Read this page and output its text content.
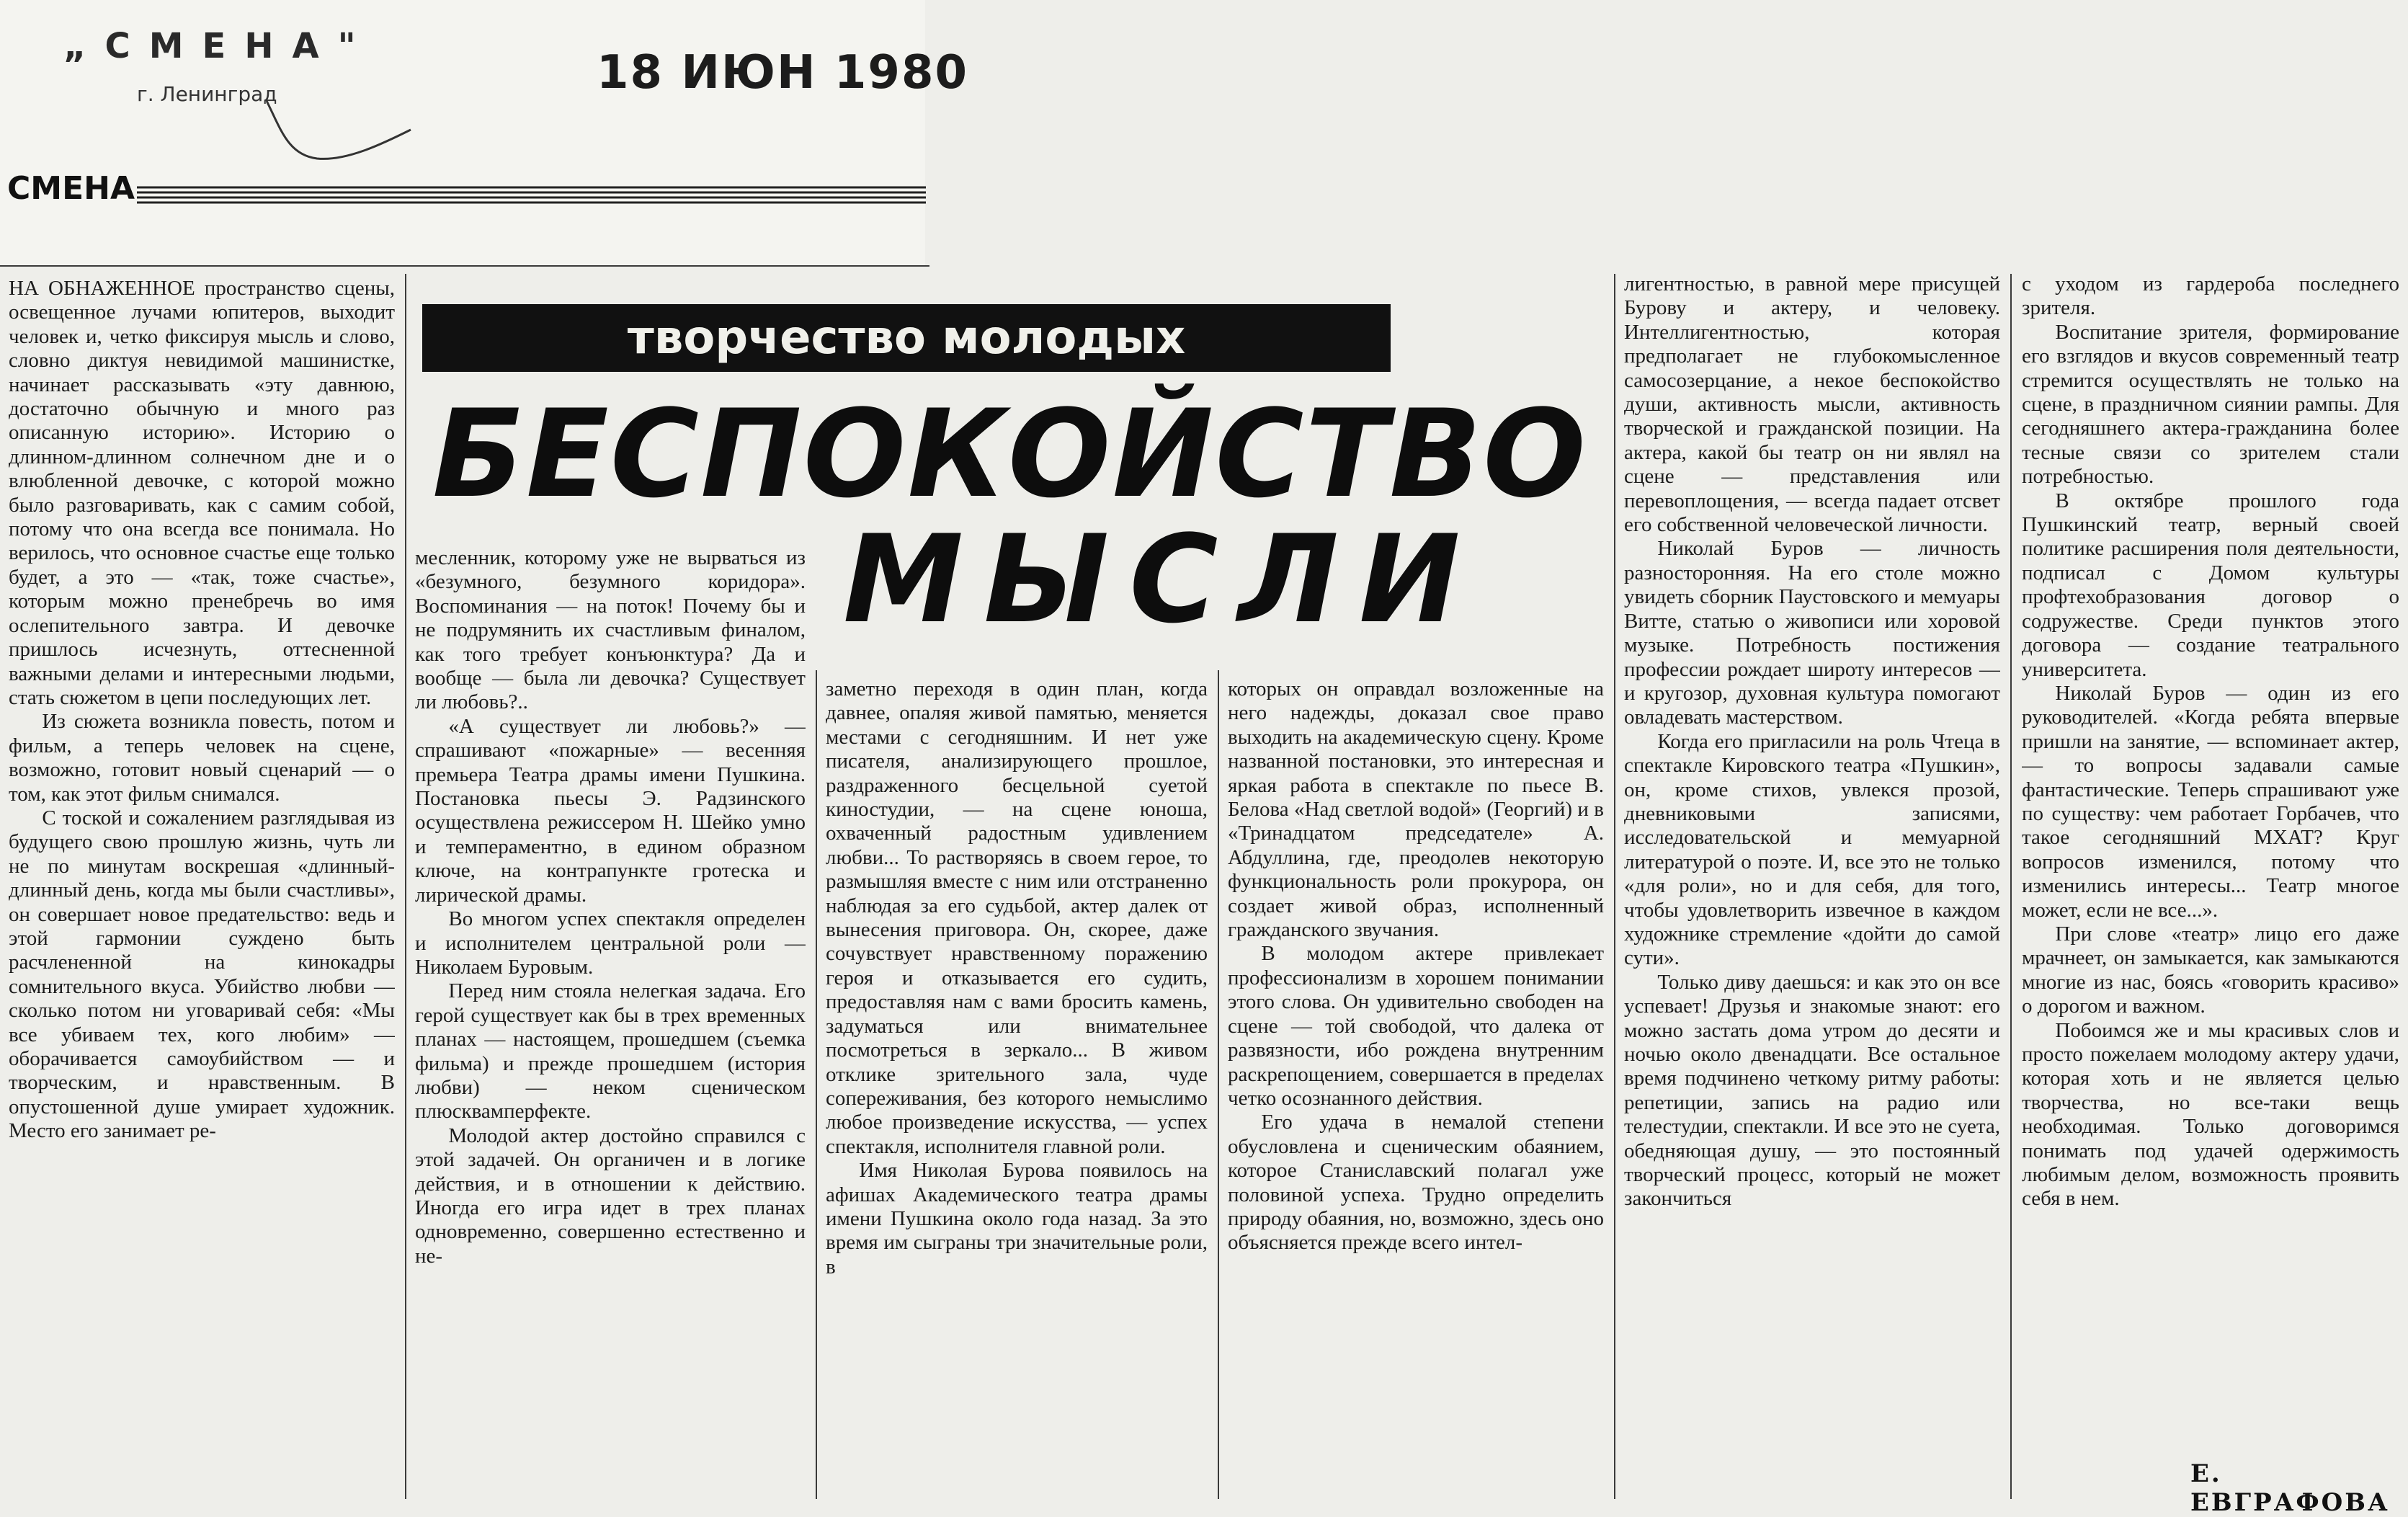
„СМЕНА"
г. Ленинград	18 ИЮН 1980
СМЕНА
творчество молодых
БЕСПОКОЙСТВО
МЫСЛИ

НА ОБНАЖЕННОЕ пространство сцены, освещенное лучами юпитеров, выходит человек и, четко фиксируя мысль и слово, словно диктуя невидимой машинистке, начинает рассказывать «эту давнюю, достаточно обычную и много раз описанную историю». Историю о длинном-длинном солнечном дне и о влюбленной девочке, с которой можно было разговаривать, как с самим собой, потому что она всегда все понимала. Но верилось, что основное счастье еще только будет, а это — «так, тоже счастье», которым можно пренебречь во имя ослепительного завтра. И девочке пришлось исчезнуть, оттесненной важными делами и интересными людьми, стать сюжетом в цепи последующих лет.

Из сюжета возникла повесть, потом и фильм, а теперь человек на сцене, возможно, готовит новый сценарий — о том, как этот фильм снимался.

С тоской и сожалением разглядывая из будущего свою прошлую жизнь, чуть ли не по минутам воскрешая «длинный-длинный день, когда мы были счастливы», он совершает новое предательство: ведь и этой гармонии суждено быть расчлененной на кинокадры сомнительного вкуса. Убийство любви — сколько потом ни уговаривай себя: «Мы все убиваем тех, кого любим» — оборачивается самоубийством — и творческим, и нравственным. В опустошенной душе умирает художник. Место его занимает ре-

месленник, которому уже не вырваться из «безумного, безумного коридора». Воспоминания — на поток! Почему бы и не подрумянить их счастливым финалом, как того требует конъюнктура? Да и вообще — была ли девочка? Существует ли любовь?..

«А существует ли любовь?» — спрашивают «пожарные» — весенняя премьера Театра драмы имени Пушкина. Постановка пьесы Э. Радзинского осуществлена режиссером Н. Шейко умно и темпераментно, в едином образном ключе, на контрапункте гротеска и лирической драмы.

Во многом успех спектакля определен и исполнителем центральной роли — Николаем Буровым.

Перед ним стояла нелегкая задача. Его герой существует как бы в трех временных планах — настоящем, прошедшем (съемка фильма) и прежде прошедшем (история любви) — неком сценическом плюсквамперфекте.

Молодой актер достойно справился с этой задачей. Он органичен и в логике действия, и в отношении к действию. Иногда его игра идет в трех планах одновременно, совершенно естественно и не-

заметно переходя в один план, когда давнее, опаляя живой памятью, меняется местами с сегодняшним. И нет уже писателя, анализирующего прошлое, раздраженного бесцельной суетой киностудии, — на сцене юноша, охваченный радостным удивлением любви... То растворяясь в своем герое, то размышляя вместе с ним или отстраненно наблюдая за его судьбой, актер далек от вынесения приговора. Он, скорее, даже сочувствует нравственному поражению героя и отказывается его судить, предоставляя нам с вами бросить камень, задуматься или внимательнее посмотреться в зеркало... В живом отклике зрительного зала, чуде сопереживания, без которого немыслимо любое произведение искусства, — успех спектакля, исполнителя главной роли.

Имя Николая Бурова появилось на афишах Академического театра драмы имени Пушкина около года назад. За это время им сыграны три значительные роли, в

которых он оправдал возложенные на него надежды, доказал свое право выходить на академическую сцену. Кроме названной постановки, это интересная и яркая работа в спектакле по пьесе В. Белова «Над светлой водой» (Георгий) и в «Тринадцатом председателе» А. Абдуллина, где, преодолев некоторую функциональность роли прокурора, он создает живой образ, исполненный гражданского звучания.

В молодом актере привлекает профессионализм в хорошем понимании этого слова. Он удивительно свободен на сцене — той свободой, что далека от развязности, ибо рождена внутренним раскрепощением, совершается в пределах четко осознанного действия.

Его удача в немалой степени обусловлена и сценическим обаянием, которое Станиславский полагал уже половиной успеха. Трудно определить природу обаяния, но, возможно, здесь оно объясняется прежде всего интел-

лигентностью, в равной мере присущей Бурову и актеру, и человеку. Интеллигентностью, которая предполагает не глубокомысленное самосозерцание, а некое беспокойство души, активность мысли, активность творческой и гражданской позиции. На актера, какой бы театр он ни являл на сцене — представления или перевоплощения, — всегда падает отсвет его собственной человеческой личности.

Николай Буров — личность разносторонняя. На его столе можно увидеть сборник Паустовского и мемуары Витте, статью о живописи или хоровой музыке. Потребность постижения профессии рождает широту интересов — и кругозор, духовная культура помогают овладевать мастерством.

Когда его пригласили на роль Чтеца в спектакле Кировского театра «Пушкин», он, кроме стихов, увлекся прозой, дневниковыми записями, исследовательской и мемуарной литературой о поэте. И, все это не только «для роли», но и для себя, для того, чтобы удовлетворить извечное в каждом художнике стремление «дойти до самой сути».

Только диву даешься: и как это он все успевает! Друзья и знакомые знают: его можно застать дома утром до десяти и ночью около двенадцати. Все остальное время подчинено четкому ритму работы: репетиции, запись на радио или телестудии, спектакли. И все это не суета, обедняющая душу, — это постоянный творческий процесс, который не может закончиться

с уходом из гардероба последнего зрителя.

Воспитание зрителя, формирование его взглядов и вкусов современный театр стремится осуществлять не только на сцене, в праздничном сиянии рампы. Для сегодняшнего актера-гражданина более тесные связи со зрителем стали потребностью.

В октябре прошлого года Пушкинский театр, верный своей политике расширения поля деятельности, подписал с Домом культуры профтехобразования договор о содружестве. Среди пунктов этого договора — создание театрального университета.

Николай Буров — один из его руководителей. «Когда ребята впервые пришли на занятие, — вспоминает актер, — то вопросы задавали самые фантастические. Теперь спрашивают уже по существу: чем работает Горбачев, что такое сегодняшний МХАТ? Круг вопросов изменился, потому что изменились интересы... Театр многое может, если не все...».

При слове «театр» лицо его даже мрачнеет, он замыкается, как замыкаются многие из нас, боясь «говорить красиво» о дорогом и важном.

Побоимся же и мы красивых слов и просто пожелаем молодому актеру удачи, которая хоть и не является целью творчества, но все-таки вещь необходимая. Только договоримся понимать под удачей одержимость любимым делом, возможность проявить себя в нем.

Е. ЕВГРАФОВА
